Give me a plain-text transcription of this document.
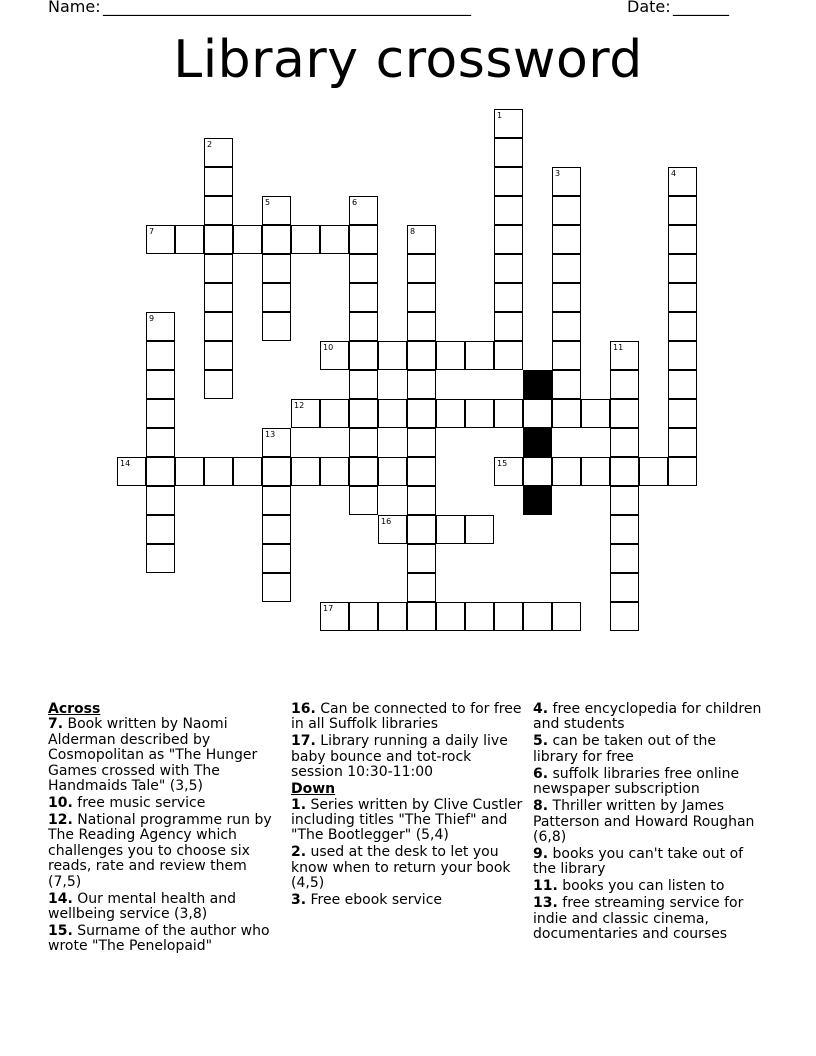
Name: ______________________________________________	Date: _______
Library crossword
7
10
12
14	15
16
17
1
2
3	4
5	6
8
9
11
13
Across
7. Book written by Naomi Alderman described by Cosmopolitan as "The Hunger Games crossed with The Handmaids Tale" (3,5)
10. free music service
12. National programme run by The Reading Agency which challenges you to choose six reads, rate and review them (7,5)
14. Our mental health and wellbeing service (3,8)
15. Surname of the author who wrote "The Penelopaid"
16. Can be connected to for free in all Suffolk libraries
17. Library running a daily live baby bounce and tot-rock session 10:30-11:00
Down
1. Series written by Clive Custler including titles "The Thief" and "The Bootlegger" (5,4)
2. used at the desk to let you know when to return your book (4,5)
3. Free ebook service
4. free encyclopedia for children and students
5. can be taken out of the library for free
6. suffolk libraries free online newspaper subscription
8. Thriller written by James Patterson and Howard Roughan (6,8)
9. books you can't take out of the library
11. books you can listen to
13. free streaming service for indie and classic cinema, documentaries and courses
